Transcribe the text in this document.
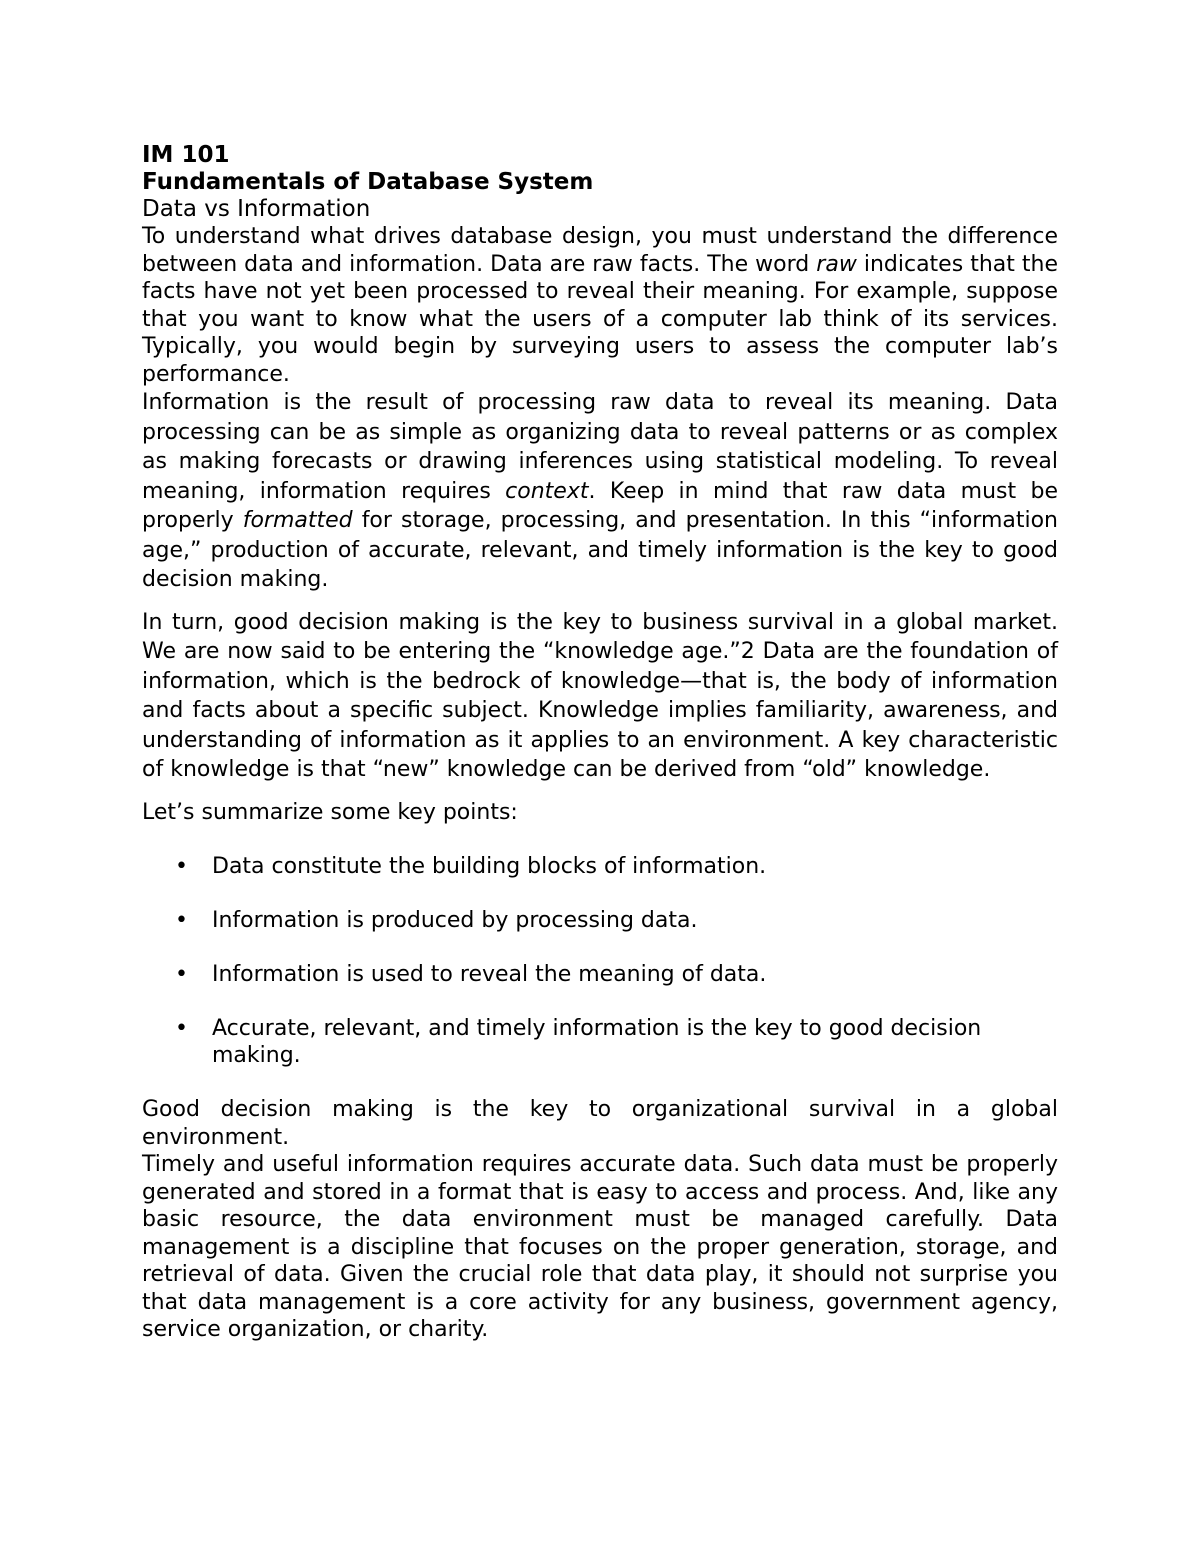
IM 101

Fundamentals of Database System

Data vs Information

To understand what drives database design, you must understand the difference between data and information. Data are raw facts. The word raw indicates that the facts have not yet been processed to reveal their meaning. For example, suppose that you want to know what the users of a computer lab think of its services. Typically, you would begin by surveying users to assess the computer lab’s performance.

Information is the result of processing raw data to reveal its meaning. Data processing can be as simple as organizing data to reveal patterns or as complex as making forecasts or drawing inferences using statistical modeling. To reveal meaning, information requires context. Keep in mind that raw data must be properly formatted for storage, processing, and presentation. In this “information age,” production of accurate, relevant, and timely information is the key to good decision making.

In turn, good decision making is the key to business survival in a global market. We are now said to be entering the “knowledge age.”2 Data are the foundation of information, which is the bedrock of knowledge—that is, the body of information and facts about a specific subject. Knowledge implies familiarity, awareness, and understanding of information as it applies to an environment. A key characteristic of knowledge is that “new” knowledge can be derived from “old” knowledge.

Let’s summarize some key points:

• Data constitute the building blocks of information.
• Information is produced by processing data.
• Information is used to reveal the meaning of data.
• Accurate, relevant, and timely information is the key to good decision making.

Good decision making is the key to organizational survival in a global environment.

Timely and useful information requires accurate data. Such data must be properly generated and stored in a format that is easy to access and process. And, like any basic resource, the data environment must be managed carefully. Data management is a discipline that focuses on the proper generation, storage, and retrieval of data. Given the crucial role that data play, it should not surprise you that data management is a core activity for any business, government agency, service organization, or charity.
